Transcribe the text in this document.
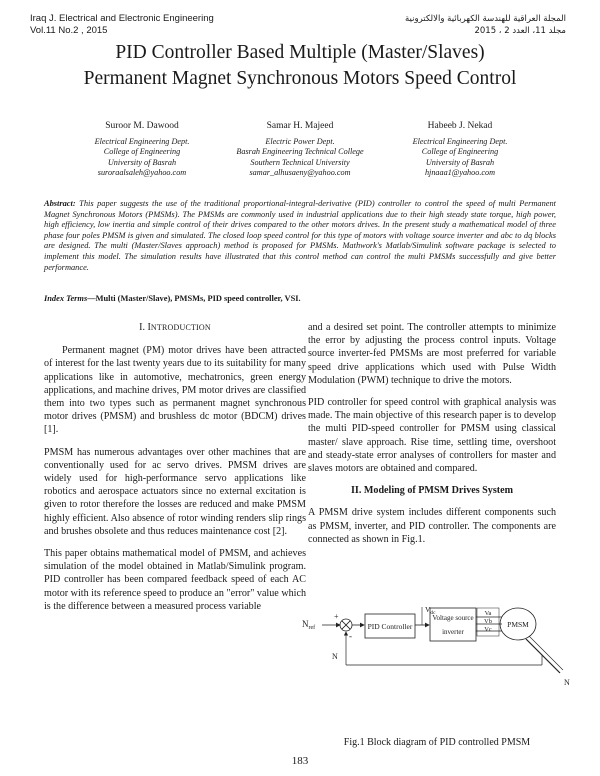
Iraq J. Electrical and Electronic Engineering
Vol.11 No.2 , 2015
المجلة العراقية للهندسة الكهربائية والالكترونية
مجلد 11، العدد 2 ، 2015
PID Controller Based Multiple (Master/Slaves)
Permanent Magnet Synchronous Motors Speed Control
Suroor M. Dawood
Electrical Engineering Dept.
College of Engineering
University of Basrah
suroraalsaleh@yahoo.com
Samar H. Majeed
Electric Power Dept.
Basrah Engineering Technical College
Southern Technical University
samar_alhusaeny@yahoo.com
Habeeb J. Nekad
Electrical Engineering Dept.
College of Engineering
University of Basrah
hjnaaa1@yahoo.com
Abstract: This paper suggests the use of the traditional proportional-integral-derivative (PID) controller to control the speed of multi Permanent Magnet Synchronous Motors (PMSMs). The PMSMs are commonly used in industrial applications due to their high steady state torque, high power, high efficiency, low inertia and simple control of their drives compared to the other motors drives. In the present study a mathematical model of three phase four poles PMSM is given and simulated. The closed loop speed control for this type of motors with voltage source inverter and abc to dq blocks are designed. The multi (Master/Slaves approach) method is proposed for PMSMs. Mathwork's Matlab/Simulink software package is selected to implement this model. The simulation results have illustrated that this control method can control the multi PMSMs successfully and give better performance.
Index Terms—Multi (Master/Slave), PMSMs, PID speed controller, VSI.
I. INTRODUCTION

Permanent magnet (PM) motor drives have been attracted of interest for the last twenty years due to its suitability for many applications like in automotive, mechatronics, green energy applications, and machine drives, PM motor drives are classified them into two types such as permanent magnet synchronous motor drives (PMSM) and brushless dc motor (BDCM) drives [1].

PMSM has numerous advantages over other machines that are conventionally used for ac servo drives. PMSM drives are widely used for high-performance servo applications like robotics and aerospace actuators since no external excitation is given to rotor therefore the losses are reduced and make PMSM highly efficient. Also absence of rotor winding renders slip rings and brushes obsolete and thus reduces maintenance cost [2].

This paper obtains mathematical model of PMSM, and achieves simulation of the model obtained in Matlab/Simulink program. PID controller has been compared feedback speed of each AC motor with its reference speed to produce an "error" value which is the difference between a measured process variable

and a desired set point. The controller attempts to minimize the error by adjusting the process control inputs. Voltage source inverter-fed PMSMs are most preferred for variable speed drive applications which used with Pulse Width Modulation (PWM) technique to drive the motors.

PID controller for speed control with graphical analysis was made. The main objective of this research paper is to develop the multi PID-speed controller for PMSM using classical master/ slave approach. Rise time, settling time, overshoot and steady-state error analyses of controllers for master and slaves motors are obtained and compared.

II. Modeling of PMSM Drives System

A PMSM drive system includes different components such as PMSM, inverter, and PID controller. The components are connected as shown in Fig.1.

$N_{ref}$
+
-
PID Controller
$V_{dc}$
Voltage source
inverter
Va
Vb
Vc
PMSM
N
N
Fig.1 Block diagram of PID controlled PMSM
183
